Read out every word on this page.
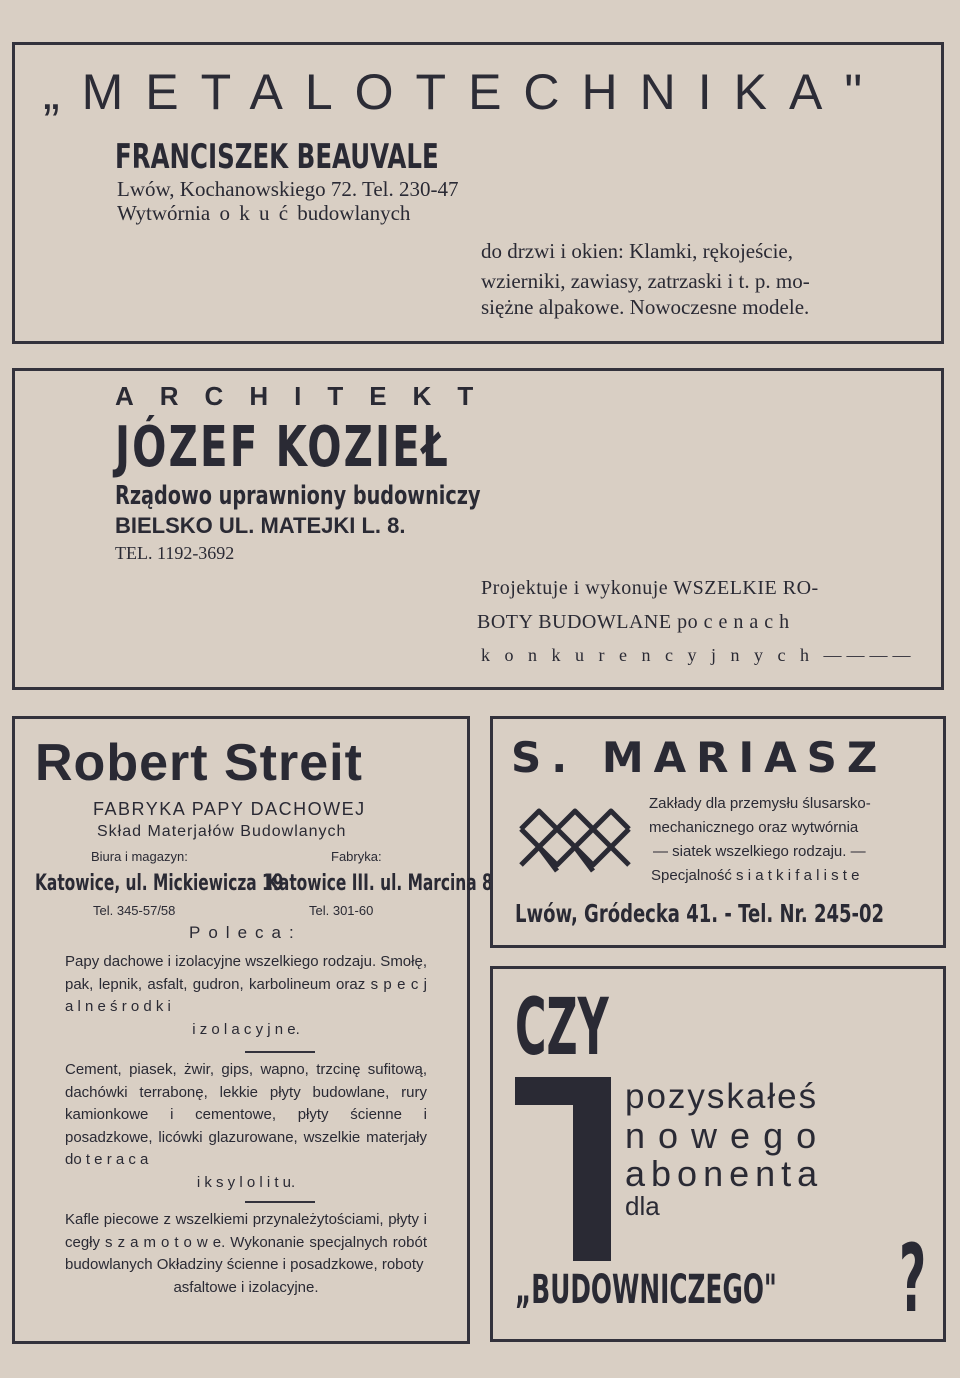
„METALOTECHNIKA"

FRANCISZEK BEAUVALE

Lwów, Kochanowskiego 72. Tel. 230-47

Wytwórnia o k u ć budowlanych

do drzwi i okien: Klamki, rękojeście,

wzierniki, zawiasy, zatrzaski i t. p. mo-

siężne alpakowe. Nowoczesne modele.

ARCHITEKT

JÓZEF KOZIEŁ

Rządowo uprawniony budowniczy

BIELSKO UL. MATEJKI L. 8.

TEL. 1192-3692

Projektuje i wykonuje WSZELKIE RO-

BOTY BUDOWLANE po c e n a c h

k o n k u r e n c y j n y c h ————

Robert Streit

FABRYKA PAPY DACHOWEJ

Skład Materjałów Budowlanych

Biura i magazyn:	Fabryka:

Katowice, ul. Mickiewicza 19

Katowice III. ul. Marcina 8

Tel. 345-57/58	Tel. 301-60

Poleca:

Papy dachowe i izolacyjne wszelkiego rodzaju. Smołę, pak, lepnik, asfalt, gudron, karbolineum oraz s p e c j a l n e ś r o d k i
i z o l a c y j n e.
Cement, piasek, żwir, gips, wapno, trzcinę sufitową, dachówki terrabonę, lekkie płyty budowlane, rury kamionkowe i cementowe, płyty ścienne i posadzkowe, licówki glazurowane, wszelkie materjały do t e r a c a
i k s y l o l i t u.
Kafle piecowe z wszelkiemi przynależytościami, płyty i cegły s z a m o t o w e. Wykonanie specjalnych robót budowlanych Okładziny ścienne i posadzkowe, roboty
asfaltowe i izolacyjne.

S. MARIASZ

Zakłady dla przemysłu ślusarsko-

mechanicznego oraz wytwórnia

— siatek wszelkiego rodzaju. —

Specjalność s i a t k i f a l i s t e

Lwów, Gródecka 41. - Tel. Nr. 245-02

CZY

pozyskałeś

nowego

abonenta

dla

„BUDOWNICZEGO" ?
